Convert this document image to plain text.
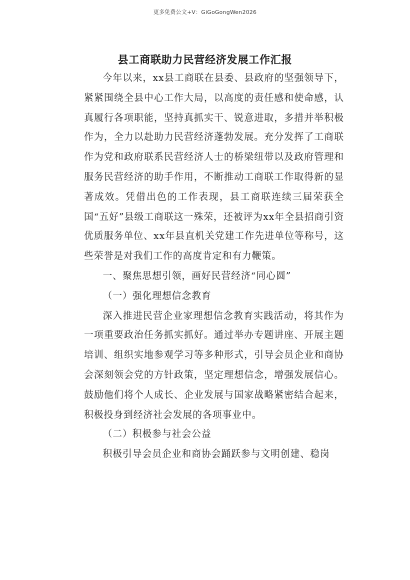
更多免费公文+V：GiGoGongWen2026
县工商联助力民营经济发展工作汇报

今年以来，xx县工商联在县委、县政府的坚强领导下，紧紧围绕全县中心工作大局，以高度的责任感和使命感，认真履行各项职能，坚持真抓实干、锐意进取，多措并举积极作为，全力以赴助力民营经济蓬勃发展。充分发挥了工商联作为党和政府联系民营经济人士的桥梁纽带以及政府管理和服务民营经济的助手作用，不断推动工商联工作取得新的显著成效。凭借出色的工作表现，县工商联连续三届荣获全国“五好”县级工商联这一殊荣，还被评为xx年全县招商引资优质服务单位、xx年县直机关党建工作先进单位等称号，这些荣誉是对我们工作的高度肯定和有力鞭策。

一、聚焦思想引领，画好民营经济“同心圆”

（一）强化理想信念教育

深入推进民营企业家理想信念教育实践活动，将其作为一项重要政治任务抓实抓好。通过举办专题讲座、开展主题培训、组织实地参观学习等多种形式，引导会员企业和商协会深刻领会党的方针政策，坚定理想信念，增强发展信心。鼓励他们将个人成长、企业发展与国家战略紧密结合起来，积极投身到经济社会发展的各项事业中。

（二）积极参与社会公益

积极引导会员企业和商协会踊跃参与文明创建、稳岗
